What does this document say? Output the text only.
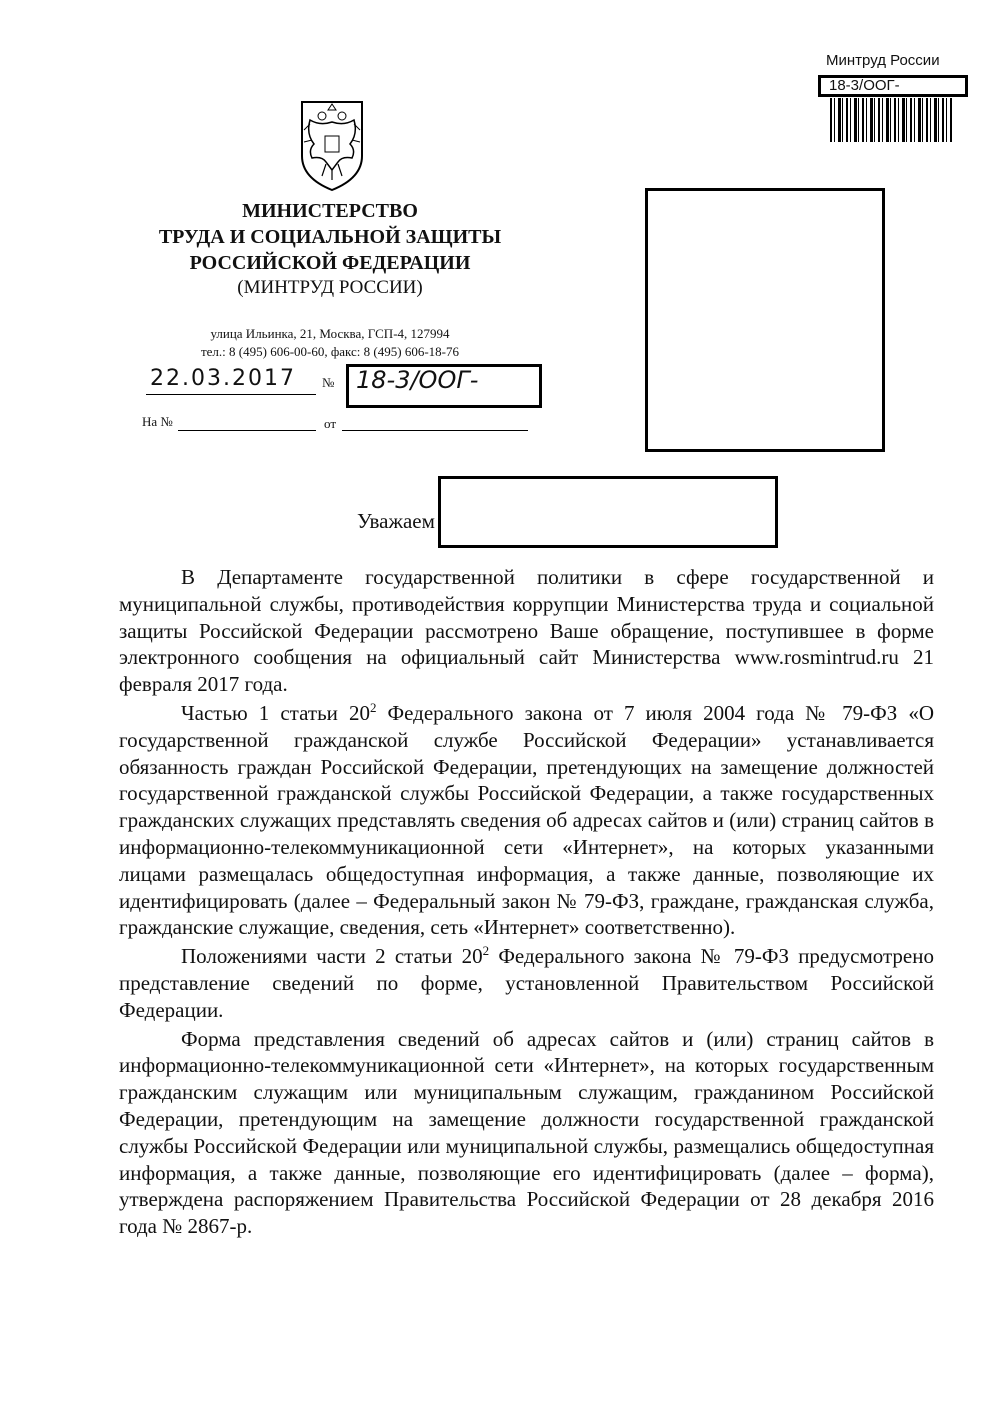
Минтруд России
18-3/ООГ-
МИНИСТЕРСТВО
ТРУДА И СОЦИАЛЬНОЙ ЗАЩИТЫ
РОССИЙСКОЙ ФЕДЕРАЦИИ
(МИНТРУД РОССИИ)
улица Ильинка, 21, Москва, ГСП-4, 127994
тел.: 8 (495) 606-00-60, факс: 8 (495) 606-18-76
22.03.2017 № 18-3/ООГ-
На №	от
Уважаем

В Департаменте государственной политики в сфере государственной и муниципальной службы, противодействия коррупции Министерства труда и социальной защиты Российской Федерации рассмотрено Ваше обращение, поступившее в форме электронного сообщения на официальный сайт Министерства www.rosmintrud.ru 21 февраля 2017 года.

Частью 1 статьи $20^2$ Федерального закона от 7 июля 2004 года № 79-ФЗ «О государственной гражданской службе Российской Федерации» устанавливается обязанность граждан Российской Федерации, претендующих на замещение должностей государственной гражданской службы Российской Федерации, а также государственных гражданских служащих представлять сведения об адресах сайтов и (или) страниц сайтов в информационно-телекоммуникационной сети «Интернет», на которых указанными лицами размещалась общедоступная информация, а также данные, позволяющие их идентифицировать (далее – Федеральный закон № 79-ФЗ, граждане, гражданская служба, гражданские служащие, сведения, сеть «Интернет» соответственно).

Положениями части 2 статьи $20^2$ Федерального закона № 79-ФЗ предусмотрено представление сведений по форме, установленной Правительством Российской Федерации.

Форма представления сведений об адресах сайтов и (или) страниц сайтов в информационно-телекоммуникационной сети «Интернет», на которых государственным гражданским служащим или муниципальным служащим, гражданином Российской Федерации, претендующим на замещение должности государственной гражданской службы Российской Федерации или муниципальной службы, размещались общедоступная информация, а также данные, позволяющие его идентифицировать (далее – форма), утверждена распоряжением Правительства Российской Федерации от 28 декабря 2016 года № 2867-р.
